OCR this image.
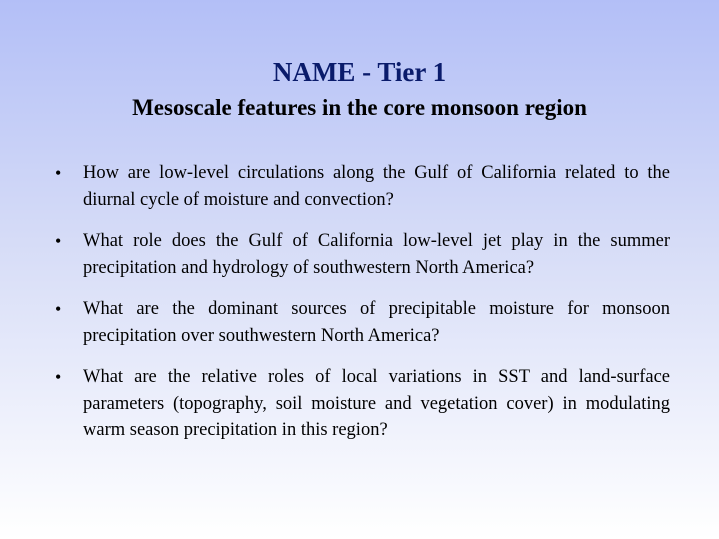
NAME - Tier 1
Mesoscale features in the core monsoon region
•	How are low-level circulations along the Gulf of California related to the diurnal cycle of moisture and convection?
•	What role does the Gulf of California low-level jet play in the summer precipitation and hydrology of southwestern North America?
•	What are the dominant sources of precipitable moisture for monsoon precipitation over southwestern North America?
•	What are the relative roles of local variations in SST and land-surface parameters (topography, soil moisture and vegetation cover) in modulating warm season precipitation in this region?
